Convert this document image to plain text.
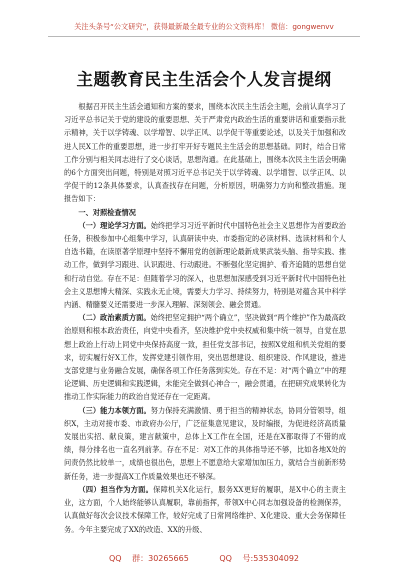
关注头条号“公文研究”，获得最新最全最专业的公文资料库！ 微信：gongwenvv
主题教育民主生活会个人发言提纲

根据召开民主生活会通知和方案的要求，围绕本次民主生活会主题，会前认真学习了习近平总书记关于党的建设的重要思想、关于严肃党内政治生活的重要讲话和重要指示批示精神，关于以学铸魂、以学增智、以学正风、以学促干等重要论述，以及关于加强和改进人民X工作的重要思想，进一步打牢开好专题民主生活会的思想基础。同时，结合日常工作分别与相关同志进行了交心谈话，思想沟通。在此基础上，围绕本次民主生活会明确的6个方面突出问题，特别是对照习近平总书记关于以学铸魂、以学增智、以学正风、以学促干的12条具体要求，认真查找存在问题，分析原因，明确努力方向和整改措施。现报告如下：

一、对照检查情况

（一）理论学习方面。始终把学习习近平新时代中国特色社会主义思想作为首要政治任务，积极参加中心组集中学习，认真研读中央、市委指定的必读材料、选读材料和个人自选书籍，在读原著学原理中坚持不懈用党的创新理论最新成果武装头脑、指导实践、推动工作，做到学习跟进、认识跟进、行动跟进。不断强化坚定拥护、看齐追随的思想自觉和行动自觉。存在不足：但随着学习的深入，也思想加深感受到习近平新时代中国特色社会主义思想博大精深、实践永无止境，需要大力学习、持续努力，特别是对蕴含其中科学内涵、精髓要义还需要进一步深入理解、深刻领会、融会贯通。

（二）政治素质方面。始终把坚定拥护“两个确立”，坚决做到“两个维护”作为最高政治原则和根本政治责任，向党中央看齐，坚决维护党中央权威和集中统一领导，自觉在思想上政治上行动上同党中央保持高度一致，担任党支部书记，按照X党组和机关党组的要求，切实履行好X工作，发挥党建引领作用，突出思想建设、组织建设、作风建设，推进支部党建与业务融合发展，确保各项工作任务落到实处。存在不足：对“两个确立”中的理论逻辑、历史逻辑和实践逻辑，未能完全做到心神合一，融会贯通，在把研究成果转化为推动工作实际能力的政治自觉还存在一定距离。

（三）能力本领方面。努力保持充满激情、勇于担当的精神状态，协同分管领导，组织X，主动对接市委、市政府办公厅，广泛征集意见建议，及时编报，为促进经济高质量发展出实招、献良策，建言献策中，总体上X工作在全国，还是在X都取得了不错的成绩，得分排名也一直名列前茅。存在不足：对X工作的具体指导还不够，比如各地X处的问责仍然比较单一，成绩也很出色，思想上不愿意给大家增加加压力，就结合当前新形势新任务，进一步提高X工作质量效果也还不够深。

（四）担当作为方面。保障机关X化运行，服务XX更好的履职，是X中心的主责主业，这方面，个人始终能够认真履职，靠前指挥，带领X中心同志加强设备的检测保养，认真做好每次会议技术保障工作，较好完成了日常网络维护、X化建设、重大会务保障任务。今年主要完成了XX的改造、XX的升级、

QQ 群：30265665	QQ 号:535304092
